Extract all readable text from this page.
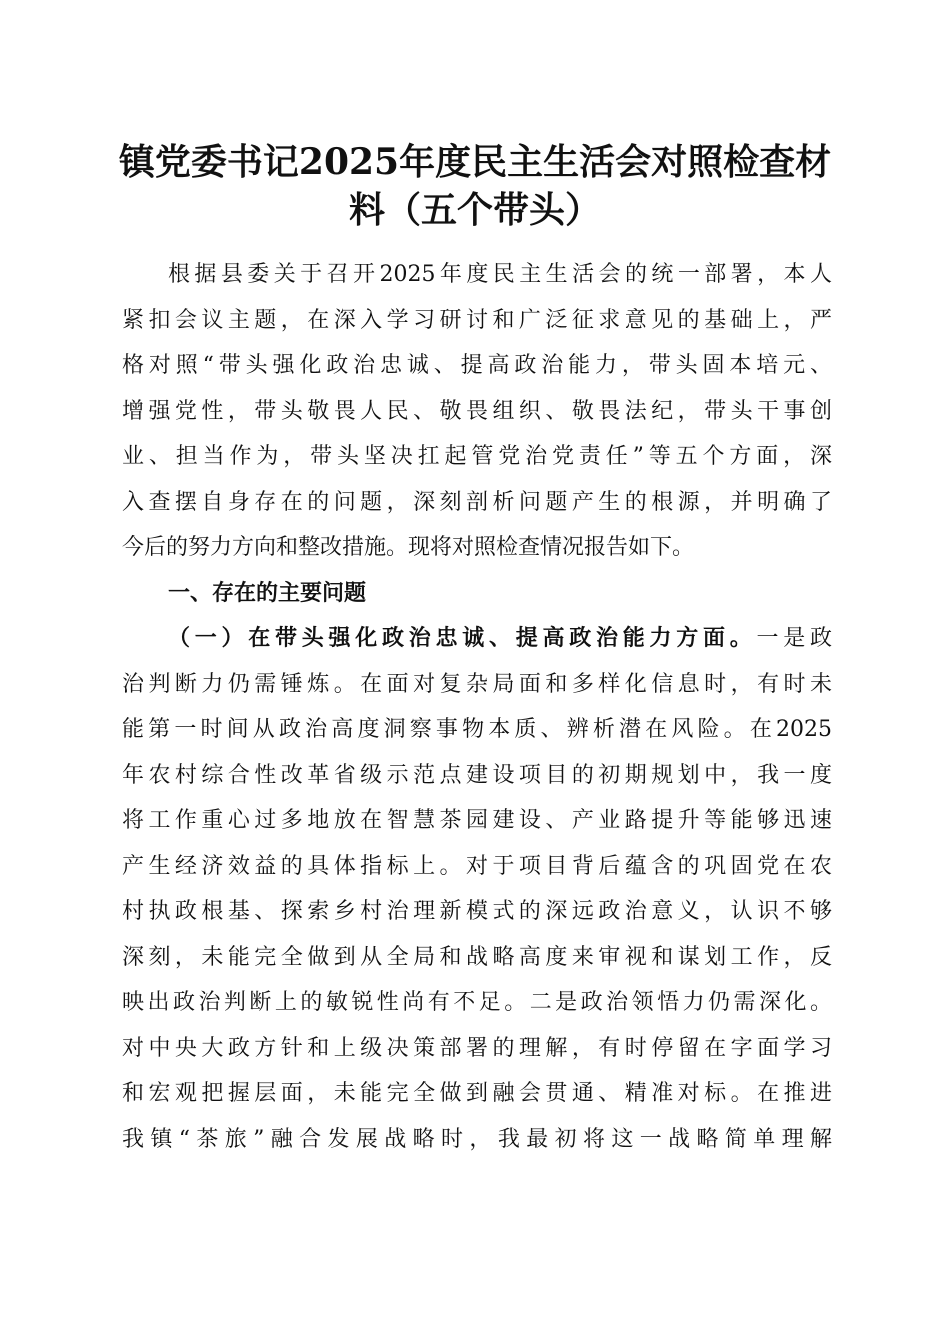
镇党委书记2025年度民主生活会对照检查材
料（五个带头）
根据县委关于召开2025年度民主生活会的统一部署，本人
紧扣会议主题，在深入学习研讨和广泛征求意见的基础上，严
格对照“带头强化政治忠诚、提高政治能力，带头固本培元、
增强党性，带头敬畏人民、敬畏组织、敬畏法纪，带头干事创
业、担当作为，带头坚决扛起管党治党责任”等五个方面，深
入查摆自身存在的问题，深刻剖析问题产生的根源，并明确了
今后的努力方向和整改措施。现将对照检查情况报告如下。
一、存在的主要问题
（一）在带头强化政治忠诚、提高政治能力方面。一是政
治判断力仍需锤炼。在面对复杂局面和多样化信息时，有时未
能第一时间从政治高度洞察事物本质、辨析潜在风险。在2025
年农村综合性改革省级示范点建设项目的初期规划中，我一度
将工作重心过多地放在智慧茶园建设、产业路提升等能够迅速
产生经济效益的具体指标上。对于项目背后蕴含的巩固党在农
村执政根基、探索乡村治理新模式的深远政治意义，认识不够
深刻，未能完全做到从全局和战略高度来审视和谋划工作，反
映出政治判断上的敏锐性尚有不足。二是政治领悟力仍需深化。
对中央大政方针和上级决策部署的理解，有时停留在字面学习
和宏观把握层面，未能完全做到融会贯通、精准对标。在推进
我镇“茶旅”融合发展战略时，我最初将这一战略简单理解
